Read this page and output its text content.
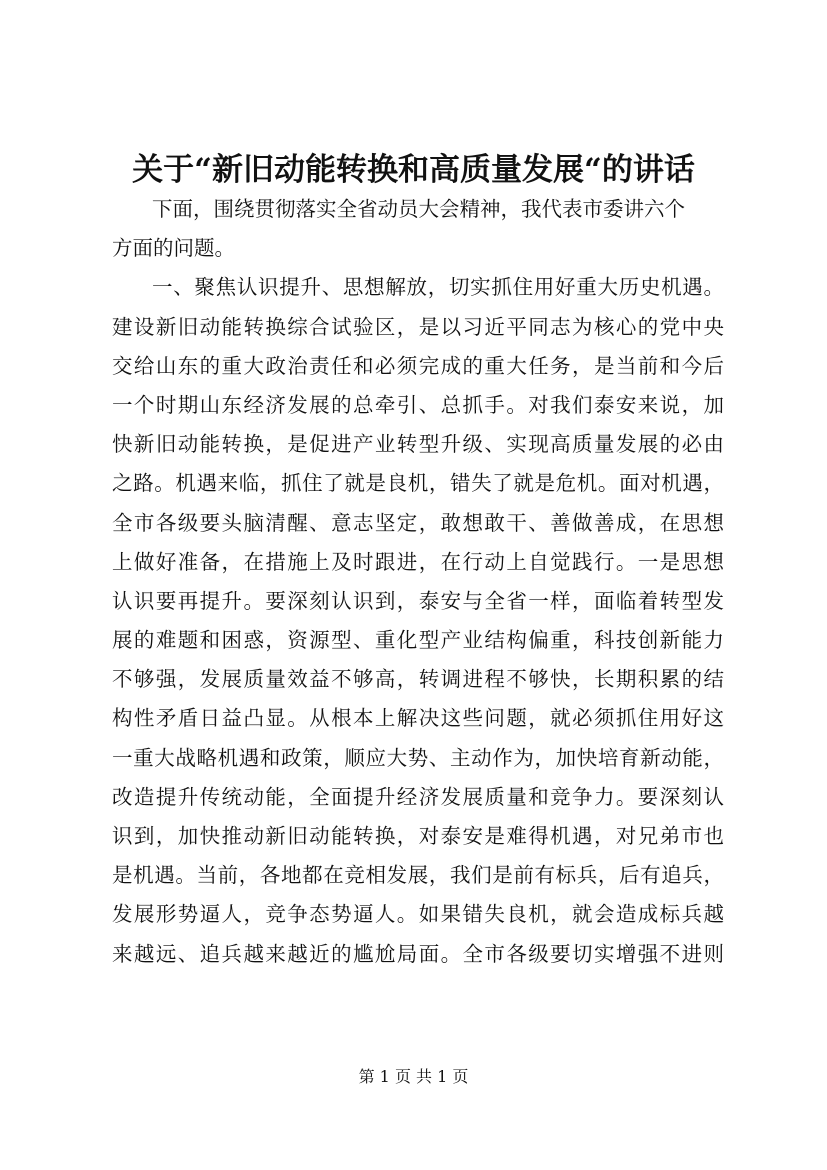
关于“新旧动能转换和高质量发展“的讲话
下面，围绕贯彻落实全省动员大会精神，我代表市委讲六个
方面的问题。
一、聚焦认识提升、思想解放，切实抓住用好重大历史机遇。
建设新旧动能转换综合试验区，是以习近平同志为核心的党中央
交给山东的重大政治责任和必须完成的重大任务，是当前和今后
一个时期山东经济发展的总牵引、总抓手。对我们泰安来说，加
快新旧动能转换，是促进产业转型升级、实现高质量发展的必由
之路。机遇来临，抓住了就是良机，错失了就是危机。面对机遇，
全市各级要头脑清醒、意志坚定，敢想敢干、善做善成，在思想
上做好准备，在措施上及时跟进，在行动上自觉践行。一是思想
认识要再提升。要深刻认识到，泰安与全省一样，面临着转型发
展的难题和困惑，资源型、重化型产业结构偏重，科技创新能力
不够强，发展质量效益不够高，转调进程不够快，长期积累的结
构性矛盾日益凸显。从根本上解决这些问题，就必须抓住用好这
一重大战略机遇和政策，顺应大势、主动作为，加快培育新动能，
改造提升传统动能，全面提升经济发展质量和竞争力。要深刻认
识到，加快推动新旧动能转换，对泰安是难得机遇，对兄弟市也
是机遇。当前，各地都在竞相发展，我们是前有标兵，后有追兵，
发展形势逼人，竞争态势逼人。如果错失良机，就会造成标兵越
来越远、追兵越来越近的尴尬局面。全市各级要切实增强不进则
第 1 页 共 1 页
